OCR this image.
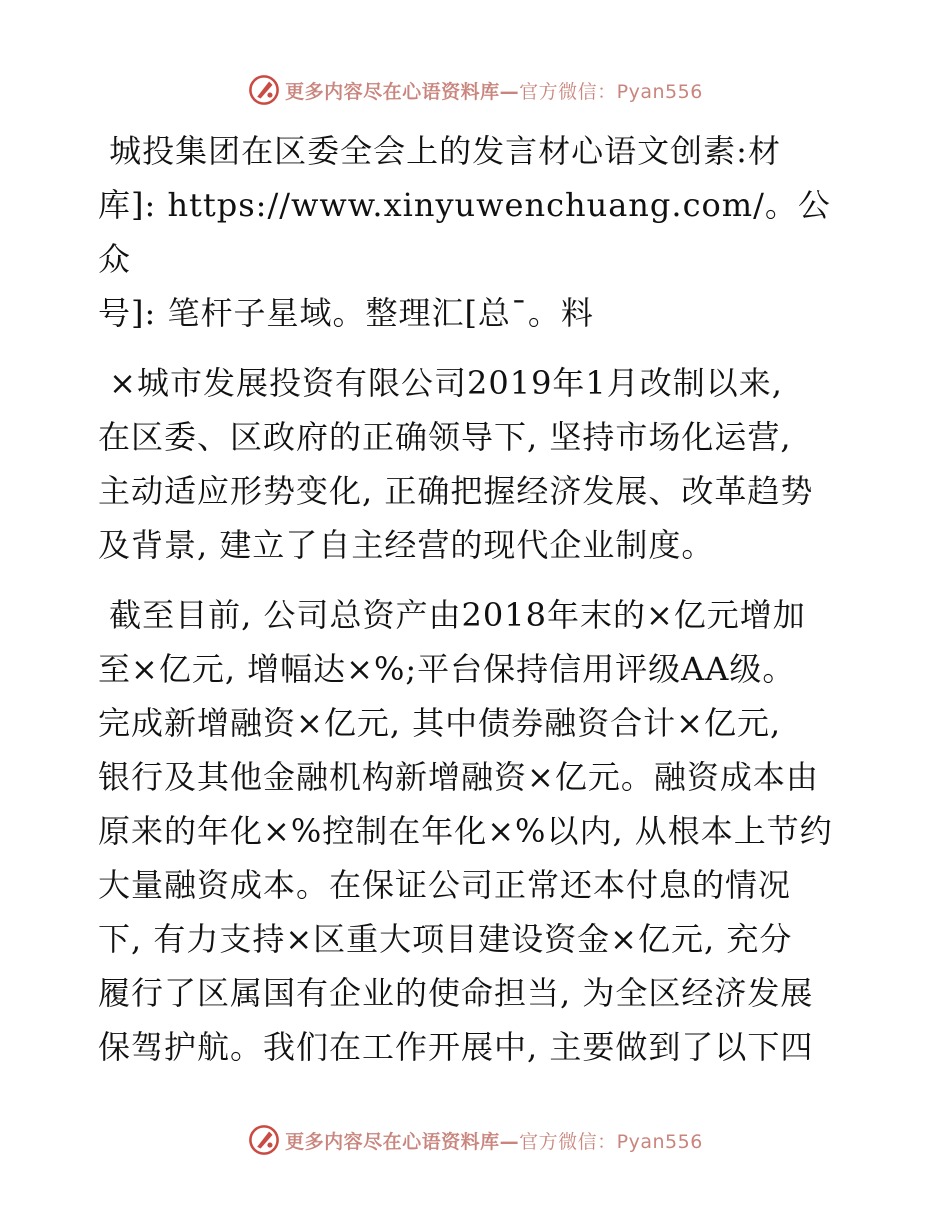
更多内容尽在心语资料库—官方微信：Pyan556
城投集团在区委全会上的发言材心语文创素:材
库]: https://www.xinyuwenchuang.com/。公众
号]: 笔杆子星域。整理汇[总¯。料
×城市发展投资有限公司2019年1月改制以来,
在区委、区政府的正确领导下, 坚持市场化运营,
主动适应形势变化, 正确把握经济发展、改革趋势
及背景, 建立了自主经营的现代企业制度。
截至目前, 公司总资产由2018年末的×亿元增加
至×亿元, 增幅达×%;平台保持信用评级AA级。
完成新增融资×亿元, 其中债券融资合计×亿元,
银行及其他金融机构新增融资×亿元。融资成本由
原来的年化×%控制在年化×%以内, 从根本上节约
大量融资成本。在保证公司正常还本付息的情况
下, 有力支持×区重大项目建设资金×亿元, 充分
履行了区属国有企业的使命担当, 为全区经济发展
保驾护航。我们在工作开展中, 主要做到了以下四
更多内容尽在心语资料库—官方微信：Pyan556
